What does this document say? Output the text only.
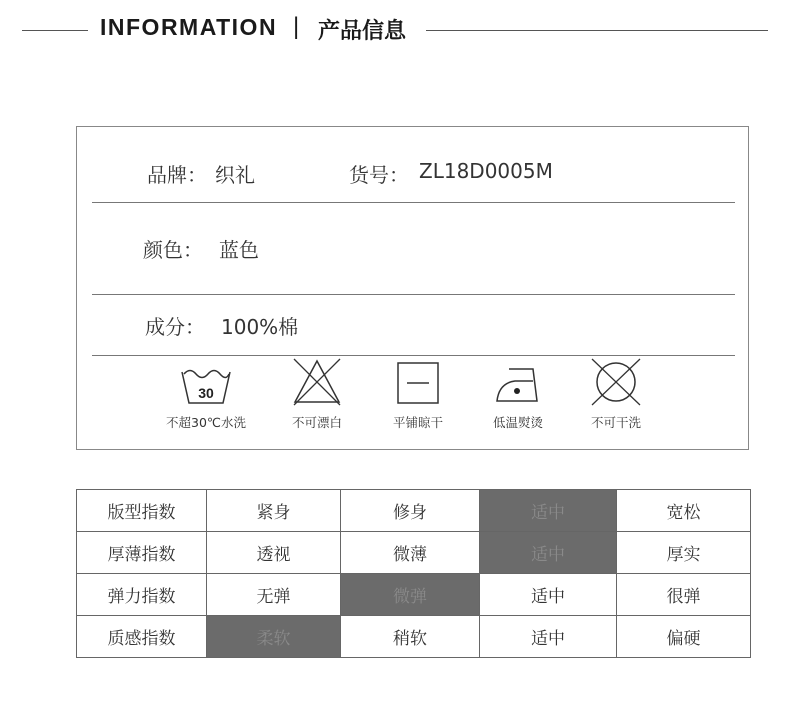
INFORMATION | 产品信息
品牌： 织礼	货号： ZL18D0005M
颜色： 蓝色
成分： 100%棉
30
不超30℃水洗	不可漂白	平铺晾干	低温熨烫	不可干洗
版型指数	紧身	修身	适中	宽松
厚薄指数	透视	微薄	适中	厚实
弹力指数	无弹	微弹	适中	很弹
质感指数	柔软	稍软	适中	偏硬
